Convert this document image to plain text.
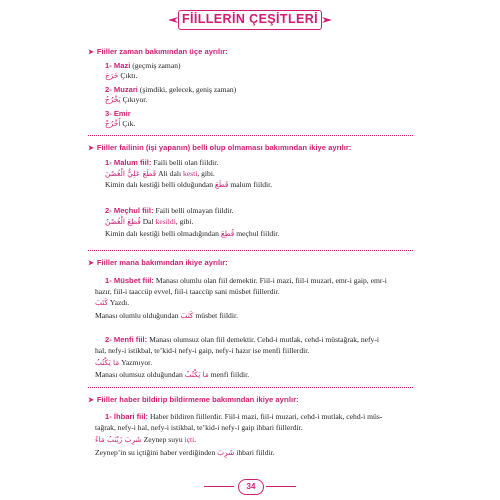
FİİLLERİN ÇEŞİTLERİ
➤ Fiiller zaman bakımından üçe ayrılır:
1- Mazi (geçmiş zaman)
خَرَجَ Çıktı.
2- Muzari (şimdiki, gelecek, geniş zaman)
يَخْرُجُ Çıkıyor.
3- Emir
اُخْرُجْ Çık.
➤ Fiiller failinin (işi yapanın) belli olup olmaması bakımından ikiye ayrılır:
1- Malum fiil: Faili belli olan fiildir.
قَطَعَ عَلِيٌّ الْغُصْنَ Ali dalı kesti, gibi.
Kimin dalı kestiği belli olduğundan قَطَعَ malum fiildir.
2- Meçhul fiil: Faili belli olmayan fiildir.
قُطِعَ الْغُصْنُ Dal kesildi, gibi.
Kimin dalı kestiği belli olmadığından قُطِعَ meçhul fiildir.
➤ Fiiller mana bakımından ikiye ayrılır:
1- Müsbet fiil: Manası olumlu olan fiil demektir. Fiil-i mazi, fiil-i muzari, emr-i gaip, emr-i
hazır, fiil-i taaccüp evvel, fiil-i taaccüp sani müsbet fiillerdir.
كَتَبَ Yazdı.
Manası olumlu olduğundan كَتَبَ müsbet fiildir.
2- Menfi fiil: Manası olumsuz olan fiil demektir. Cehd-i mutlak, cehd-i müstağrak, nefy-i
hal, nefy-i istikbal, te’kid-i nefy-i gaip, nefy-i hazır ise menfi fiillerdir.
مَا يَكْتُبُ Yazmıyor.
Manası olumsuz olduğundan مَا يَكْتُبُ menfi fiildir.
➤ Fiiller haber bildirip bildirmeme bakımından ikiye ayrılır:
1- İhbari fiil: Haber bildiren fiillerdir. Fiil-i mazi, fiil-i muzari, cehd-i mutlak, cehd-i müs-
tağrak, nefy-i hal, nefy-i istikbal, te’kid-i nefy-i gaip ihbari fiillerdir.
شَرِبَ زَيْنَبُ مَاءً Zeynep suyu içti.
Zeynep’in su içtiğini haber verdiğinden شَرِبَ ihbari fiildir.
34
